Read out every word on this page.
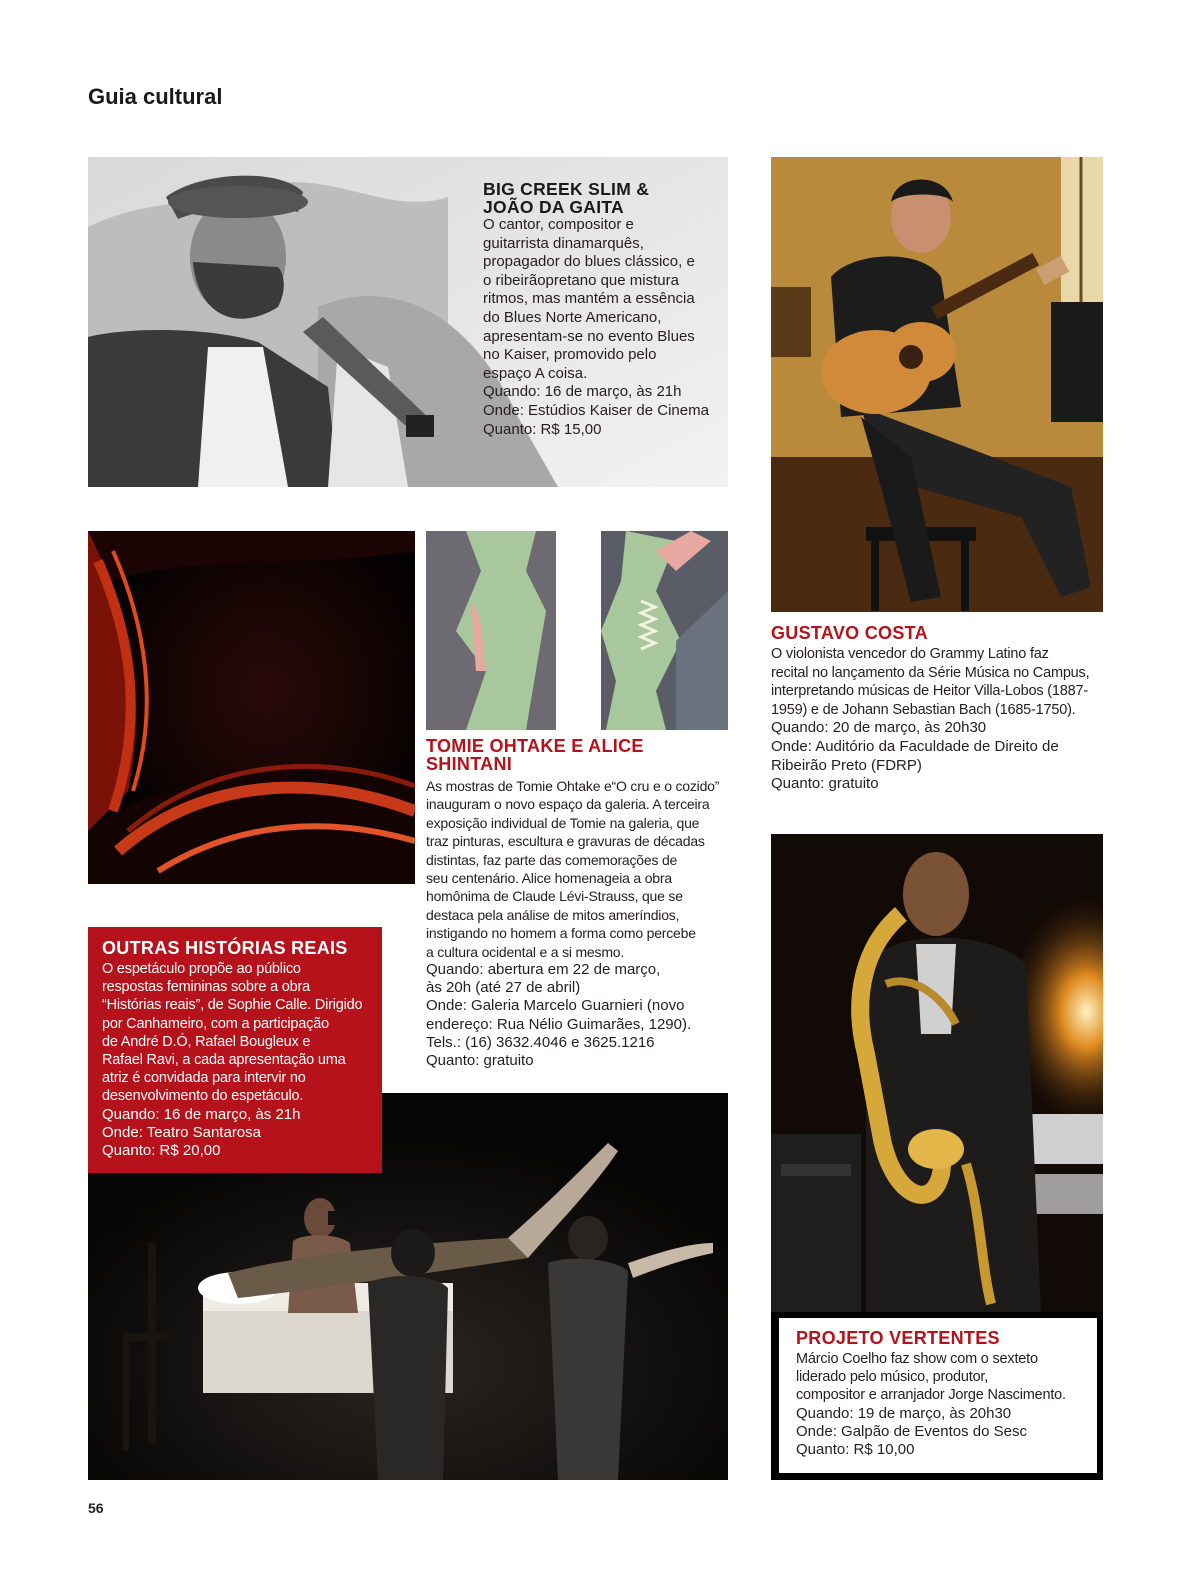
Guia cultural
BIG CREEK SLIM &
JOÃO DA GAITA

O cantor, compositor e

guitarrista dinamarquês,

propagador do blues clássico, e

o ribeirãopretano que mistura

ritmos, mas mantém a essência

do Blues Norte Americano,

apresentam-se no evento Blues

no Kaiser, promovido pelo

espaço A coisa.

Quando: 16 de março, às 21h

Onde: Estúdios Kaiser de Cinema

Quanto: R$ 15,00

GUSTAVO COSTA

O violonista vencedor do Grammy Latino faz

recital no lançamento da Série Música no Campus,

interpretando músicas de Heitor Villa-Lobos (1887-

1959) e de Johann Sebastian Bach (1685-1750).

Quando: 20 de março, às 20h30

Onde: Auditório da Faculdade de Direito de

Ribeirão Preto (FDRP)

Quanto: gratuito

TOMIE OHTAKE E ALICE SHINTANI

As mostras de Tomie Ohtake e“O cru e o cozido”

inauguram o novo espaço da galeria. A terceira

exposição individual de Tomie na galeria, que

traz pinturas, escultura e gravuras de décadas

distintas, faz parte das comemorações de

seu centenário. Alice homenageia a obra

homônima de Claude Lévi-Strauss, que se

destaca pela análise de mitos ameríndios,

instigando no homem a forma como percebe

a cultura ocidental e a si mesmo.

Quando: abertura em 22 de março,

às 20h (até 27 de abril)

Onde: Galeria Marcelo Guarnieri (novo

endereço: Rua Nélio Guimarães, 1290).

Tels.: (16) 3632.4046 e 3625.1216

Quanto: gratuito

OUTRAS HISTÓRIAS REAIS

O espetáculo propõe ao público

respostas femininas sobre a obra

“Histórias reais”, de Sophie Calle. Dirigido

por Canhameiro, com a participação

de André D.Ó, Rafael Bougleux e

Rafael Ravi, a cada apresentação uma

atriz é convidada para intervir no

desenvolvimento do espetáculo.

Quando: 16 de março, às 21h

Onde: Teatro Santarosa

Quanto: R$ 20,00

PROJETO VERTENTES

Márcio Coelho faz show com o sexteto

liderado pelo músico, produtor,

compositor e arranjador Jorge Nascimento.

Quando: 19 de março, às 20h30

Onde: Galpão de Eventos do Sesc

Quanto: R$ 10,00

56
